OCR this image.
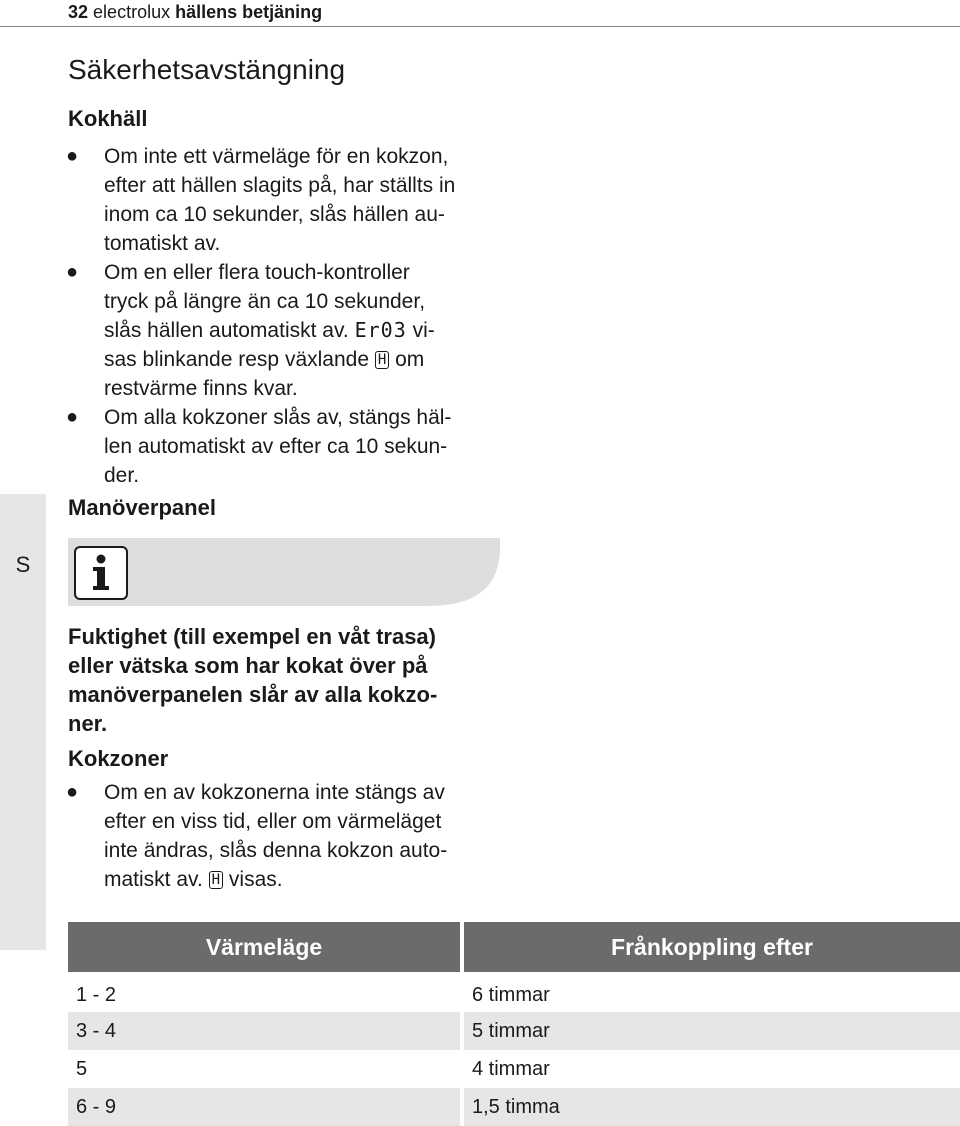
32 electrolux hällens betjäning
S
Säkerhetsavstängning
Kokhäll
● Om inte ett värmeläge för en kokzon,
efter att hällen slagits på, har ställts in
inom ca 10 sekunder, slås hällen au-
tomatiskt av.
● Om en eller flera touch-kontroller
tryck på längre än ca 10 sekunder,
slås hällen automatiskt av. Er03 vi-
sas blinkande resp växlande H om
restvärme finns kvar.
● Om alla kokzoner slås av, stängs häl-
len automatiskt av efter ca 10 sekun-
der.
Manöverpanel
Fuktighet (till exempel en våt trasa)
eller vätska som har kokat över på
manöverpanelen slår av alla kokzo-
ner.
Kokzoner
● Om en av kokzonerna inte stängs av
efter en viss tid, eller om värmeläget
inte ändras, slås denna kokzon auto-
matiskt av. H visas.
Värmeläge	Frånkoppling efter
1 - 2	6 timmar
3 - 4	5 timmar
5	4 timmar
6 - 9	1,5 timma
